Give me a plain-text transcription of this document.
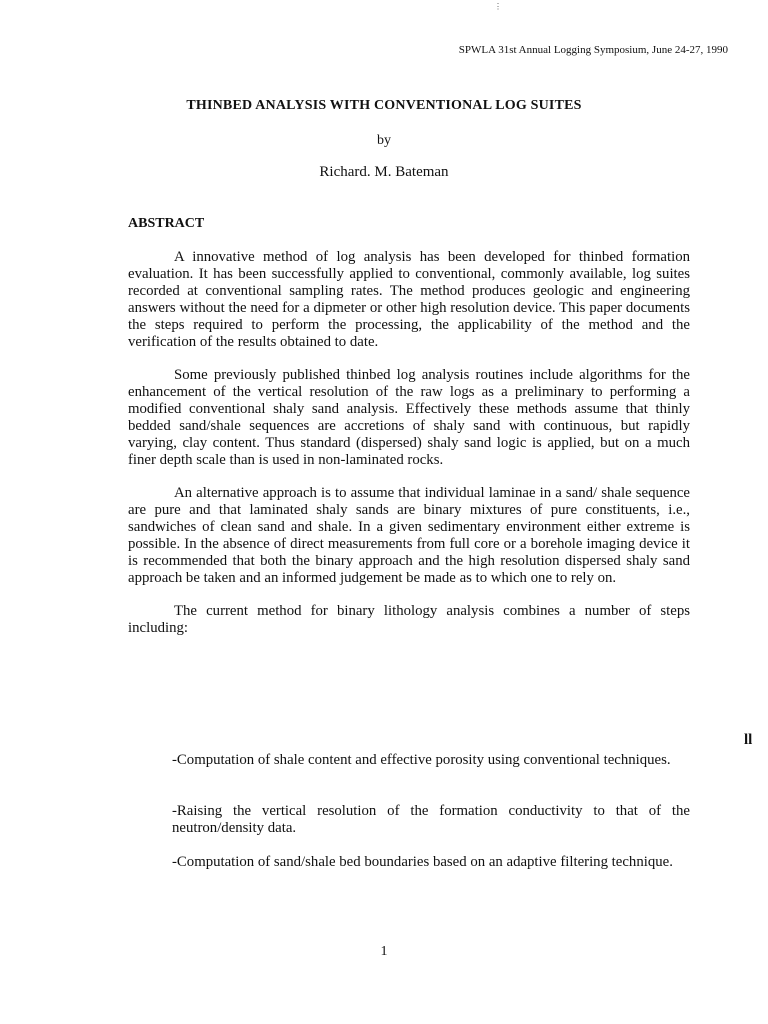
⋮
SPWLA 31st Annual Logging Symposium, June 24-27, 1990
THINBED ANALYSIS WITH CONVENTIONAL LOG SUITES
by
Richard. M. Bateman
ABSTRACT

A innovative method of log analysis has been developed for thinbed formation evaluation. It has been successfully applied to conventional, commonly available, log suites recorded at conventional sampling rates. The method produces geologic and engineering answers without the need for a dipmeter or other high resolution device. This paper documents the steps required to perform the processing, the applicability of the method and the verification of the results obtained to date.

Some previously published thinbed log analysis routines include algorithms for the enhancement of the vertical resolution of the raw logs as a preliminary to performing a modified conventional shaly sand analysis. Effectively these methods assume that thinly bedded sand/shale sequences are accretions of shaly sand with continuous, but rapidly varying, clay content. Thus standard (dispersed) shaly sand logic is applied, but on a much finer depth scale than is used in non-laminated rocks.

An alternative approach is to assume that individual laminae in a sand/ shale sequence are pure and that laminated shaly sands are binary mixtures of pure constituents, i.e., sandwiches of clean sand and shale. In a given sedimentary environment either extreme is possible. In the absence of direct measurements from full core or a borehole imaging device it is recommended that both the binary approach and the high resolution dispersed shaly sand approach be taken and an informed judgement be made as to which one to rely on.

The current method for binary lithology analysis combines a number of steps including:

-Computation of shale content and effective porosity using conventional techniques.

-Raising the vertical resolution of the formation conductivity to that of the neutron/density data.

-Computation of sand/shale bed boundaries based on an adaptive filtering technique.

ll
1
